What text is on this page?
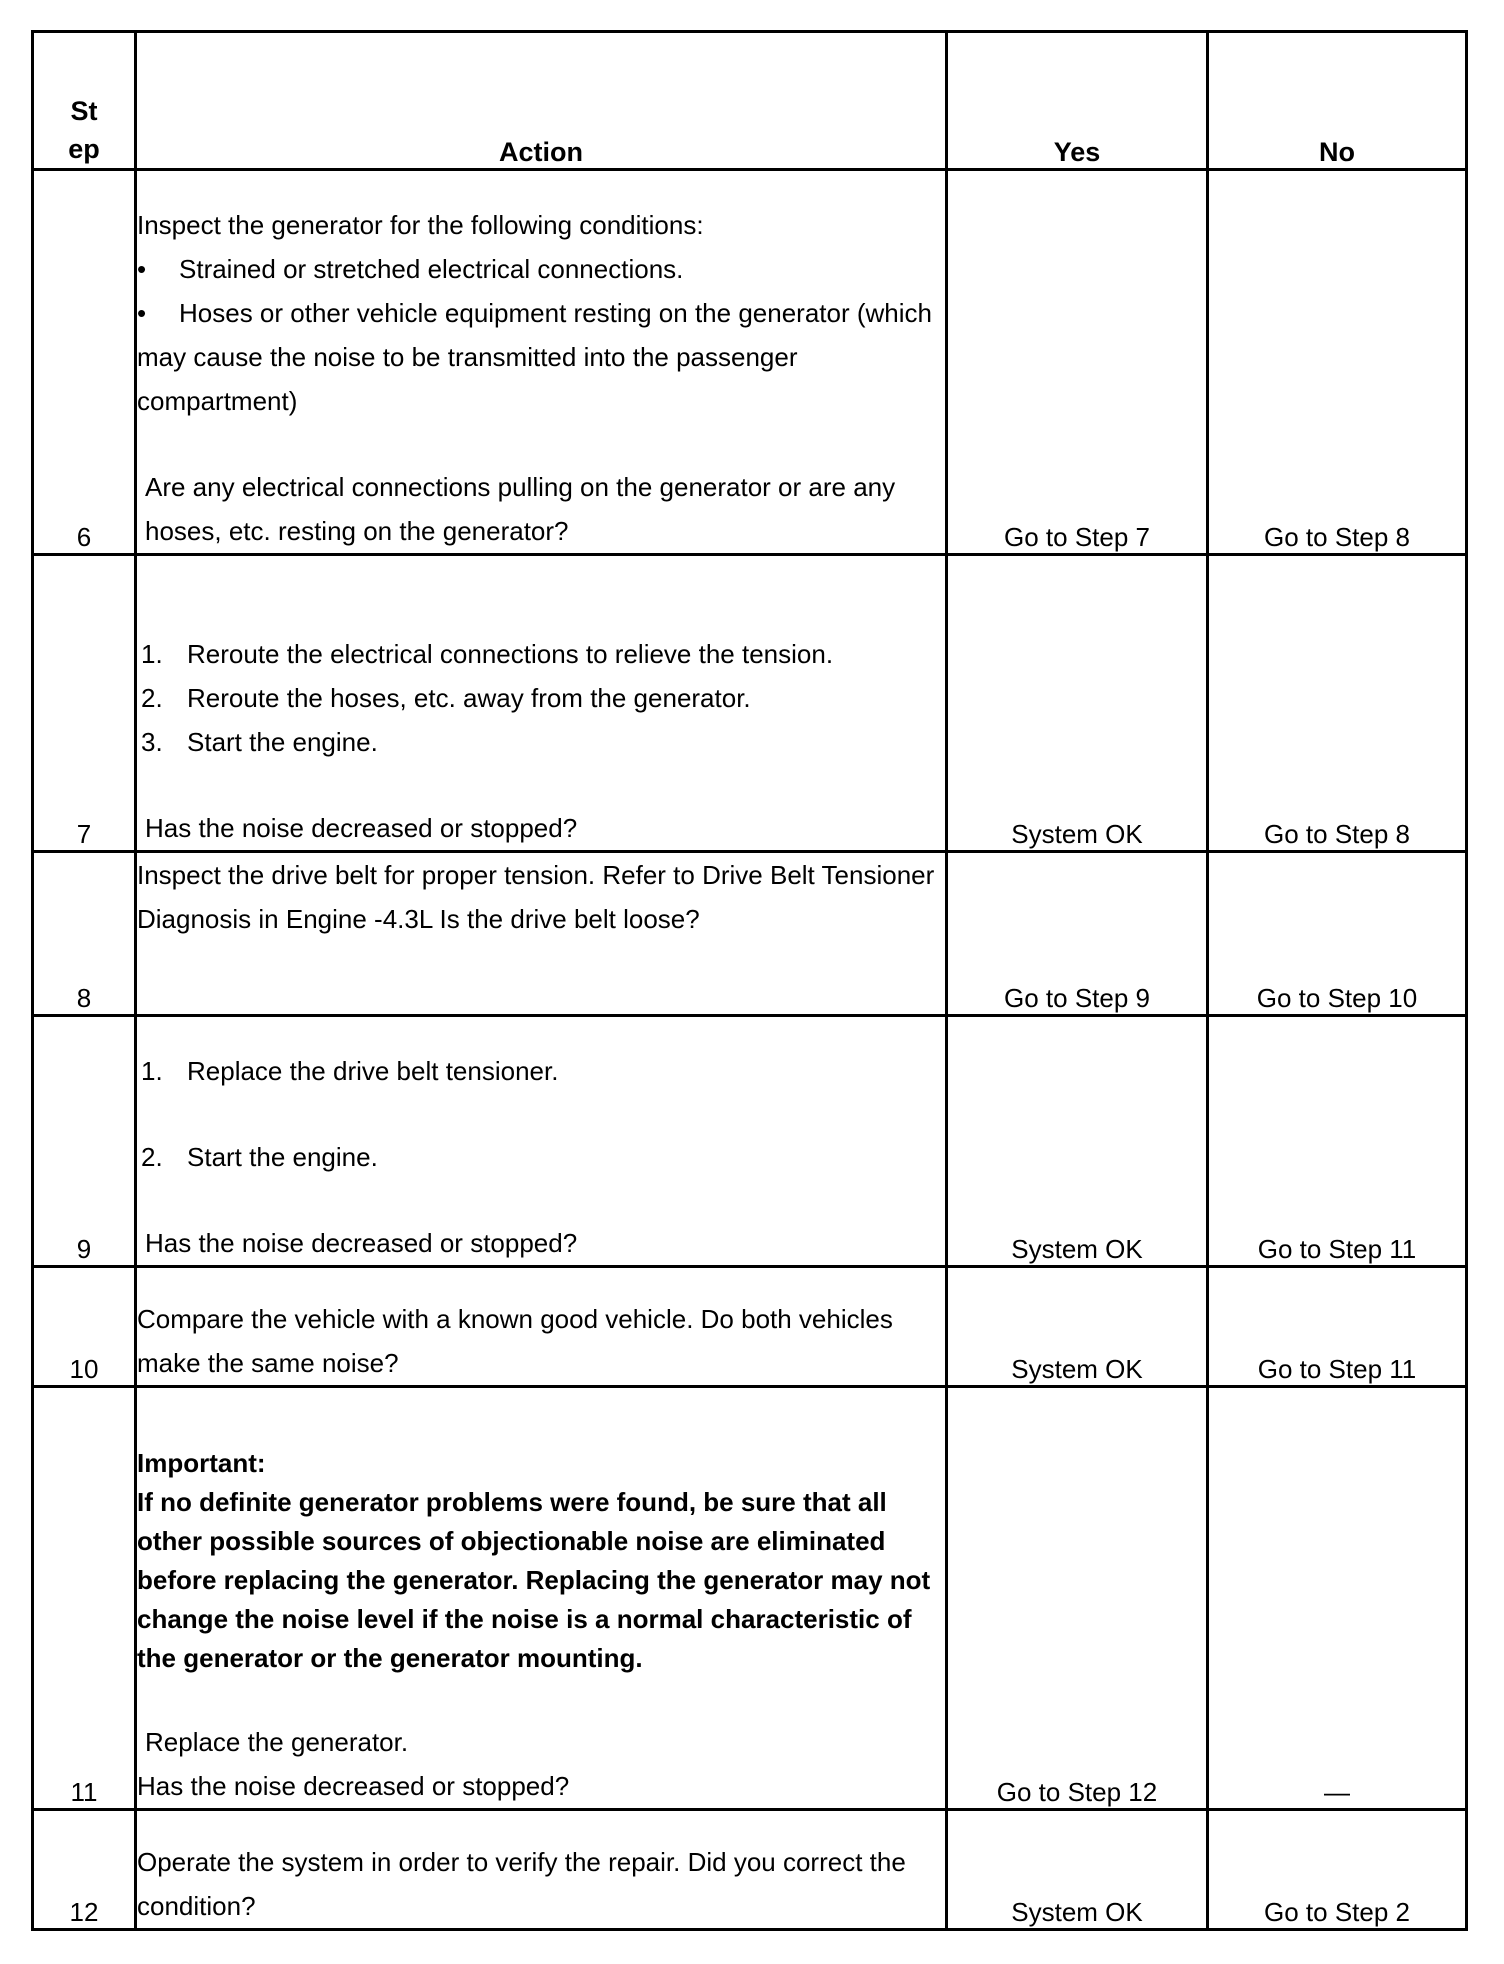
St ep	Action	Yes	No
6	Inspect the generator for the following conditions:
• Strained or stretched electrical connections.
• Hoses or other vehicle equipment resting on the generator (which may cause the noise to be transmitted into the passenger compartment)
Are any electrical connections pulling on the generator or are any hoses, etc. resting on the generator?	Go to Step 7	Go to Step 8
7	1. Reroute the electrical connections to relieve the tension.
2. Reroute the hoses, etc. away from the generator.
3. Start the engine.
Has the noise decreased or stopped?	System OK	Go to Step 8
8	Inspect the drive belt for proper tension. Refer to Drive Belt Tensioner Diagnosis in Engine -4.3L Is the drive belt loose?	Go to Step 9	Go to Step 10
9	1. Replace the drive belt tensioner.
2. Start the engine.
Has the noise decreased or stopped?	System OK	Go to Step 11
10	Compare the vehicle with a known good vehicle. Do both vehicles make the same noise?	System OK	Go to Step 11
11	Important:
If no definite generator problems were found, be sure that all other possible sources of objectionable noise are eliminated before replacing the generator. Replacing the generator may not change the noise level if the noise is a normal characteristic of the generator or the generator mounting.
Replace the generator.
Has the noise decreased or stopped?	Go to Step 12	—
12	Operate the system in order to verify the repair. Did you correct the condition?	System OK	Go to Step 2
